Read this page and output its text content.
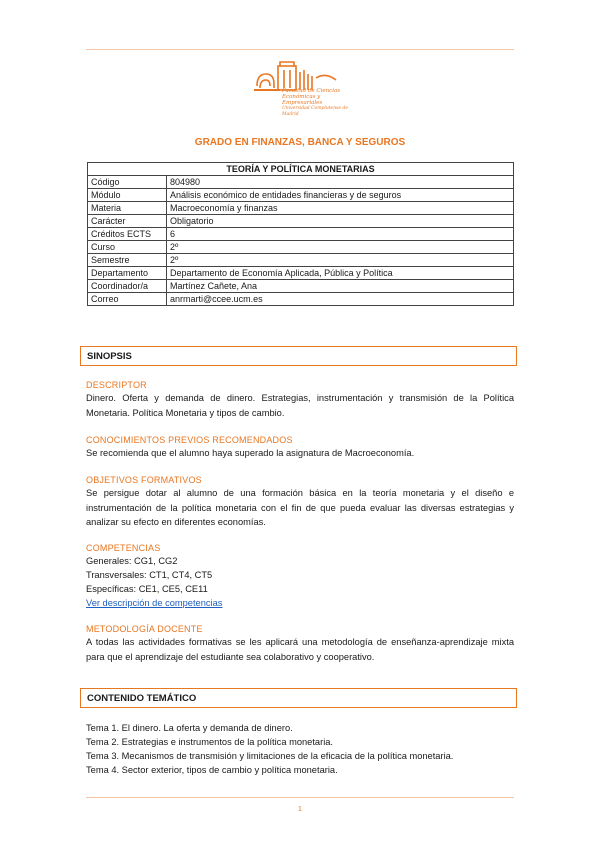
Facultad de Ciencias
Económicas y Empresariales
Universidad Complutense de Madrid
GRADO EN FINANZAS, BANCA Y SEGUROS
TEORÍA Y POLÍTICA MONETARIAS	
Código	804980
Módulo	Análisis económico de entidades financieras y de seguros
Materia	Macroeconomía y finanzas
Carácter	Obligatorio
Créditos ECTS	6
Curso	2º
Semestre	2º
Departamento	Departamento de Economía Aplicada, Pública y Política
Coordinador/a	Martínez Cañete, Ana
Correo	anrmarti@ccee.ucm.es
SINOPSIS
DESCRIPTOR
Dinero. Oferta y demanda de dinero. Estrategias, instrumentación y transmisión de la Política Monetaria. Política Monetaria y tipos de cambio.
CONOCIMIENTOS PREVIOS RECOMENDADOS
Se recomienda que el alumno haya superado la asignatura de Macroeconomía.
OBJETIVOS FORMATIVOS
Se persigue dotar al alumno de una formación básica en la teoría monetaria y el diseño e instrumentación de la política monetaria con el fin de que pueda evaluar las diversas estrategias y analizar su efecto en diferentes economías.
COMPETENCIAS
Generales: CG1, CG2
Transversales: CT1, CT4, CT5
Específicas: CE1, CE5, CE11
Ver descripción de competencias
METODOLOGÍA DOCENTE
A todas las actividades formativas se les aplicará una metodología de enseñanza-aprendizaje mixta para que el aprendizaje del estudiante sea colaborativo y cooperativo.
CONTENIDO TEMÁTICO
Tema 1. El dinero. La oferta y demanda de dinero.
Tema 2. Estrategias e instrumentos de la política monetaria.
Tema 3. Mecanismos de transmisión y limitaciones de la eficacia de la política monetaria.
Tema 4. Sector exterior, tipos de cambio y política monetaria.
1
